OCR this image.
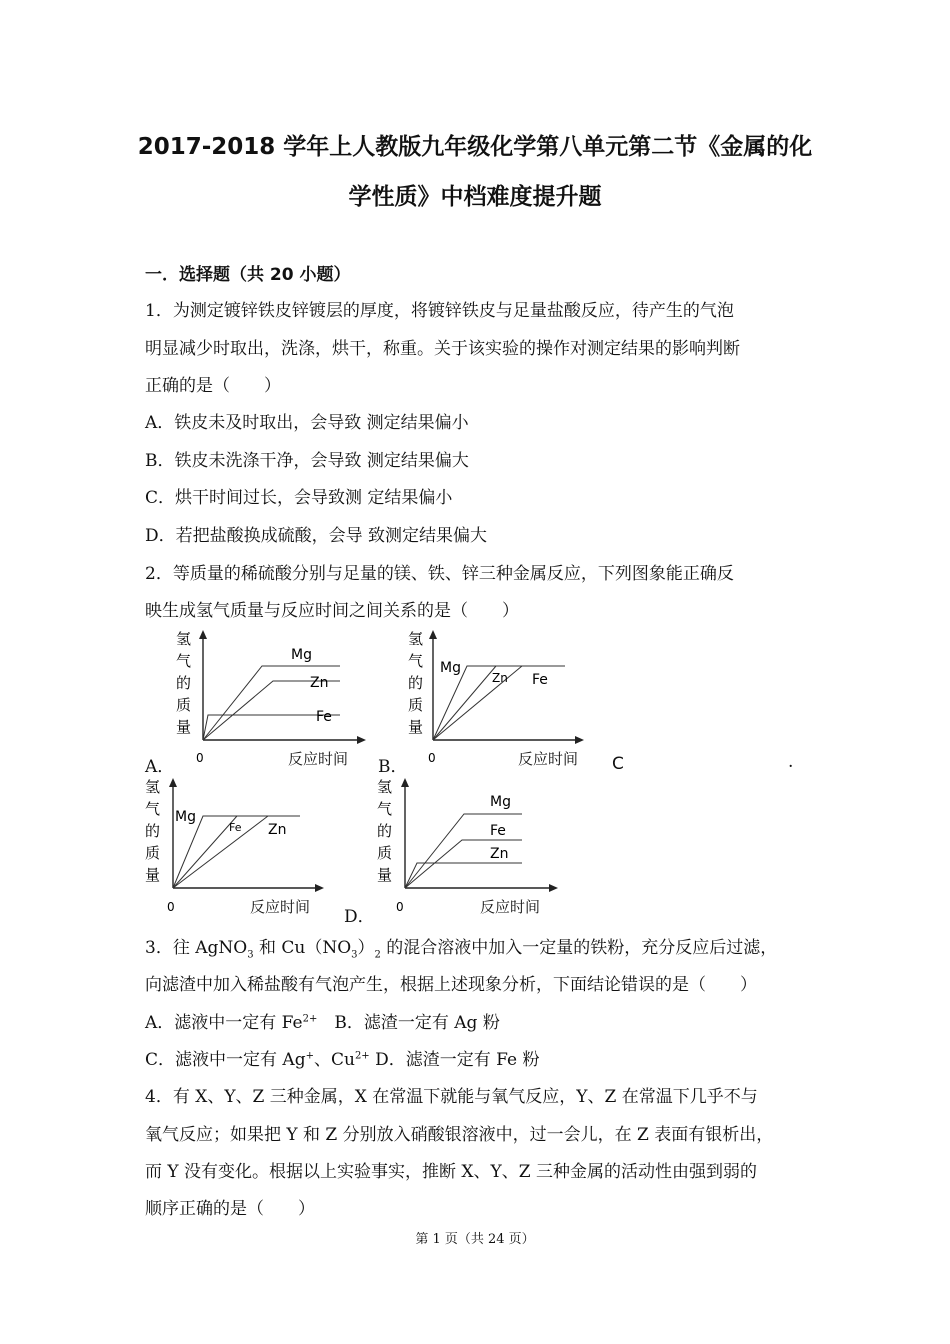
2017-2018 学年上人教版九年级化学第八单元第二节《金属的化
学性质》中档难度提升题
一．选择题（共 20 小题）
1．为测定镀锌铁皮锌镀层的厚度，将镀锌铁皮与足量盐酸反应，待产生的气泡
明显减少时取出，洗涤，烘干，称重。关于该实验的操作对测定结果的影响判断
正确的是（　　）
A．铁皮未及时取出，会导致 测定结果偏小
B．铁皮未洗涤干净，会导致 测定结果偏大
C．烘干时间过长，会导致测 定结果偏小
D．若把盐酸换成硫酸，会导 致测定结果偏大
2．等质量的稀硫酸分别与足量的镁、铁、锌三种金属反应，下列图象能正确反
映生成氢气质量与反应时间之间关系的是（　　）
氢
气
的
质
量
0
Mg
Zn
Fe
反应时间
A．
氢
气
的
质
量
0
Mg
Zn Fe
反应时间
B．	C	.
氢
气
的
质
量
0
Mg
Fe Zn
反应时间 D．
氢
气
的
质
量
0
Mg
Fe
Zn
反应时间
3．往 AgNO$_3$ 和 $Cu(NO_3)_2$ 的混合溶液中加入一定量的铁粉，充分反应后过滤，
向滤渣中加入稀盐酸有气泡产生，根据上述现象分析，下面结论错误的是（　　）
A．滤液中一定有 $Fe^{2+}$　B．滤渣一定有 Ag 粉
C．滤液中一定有 Ag+、$Cu^{2+}$ D．滤渣一定有 Fe 粉
4．有 X、Y、Z 三种金属，X 在常温下就能与氧气反应，Y、Z 在常温下几乎不与
氧气反应；如果把 Y 和 Z 分别放入硝酸银溶液中，过一会儿，在 Z 表面有银析出，
而 Y 没有变化。根据以上实验事实，推断 X、Y、Z 三种金属的活动性由强到弱的
顺序正确的是（　　）
第 1 页（共 24 页）
